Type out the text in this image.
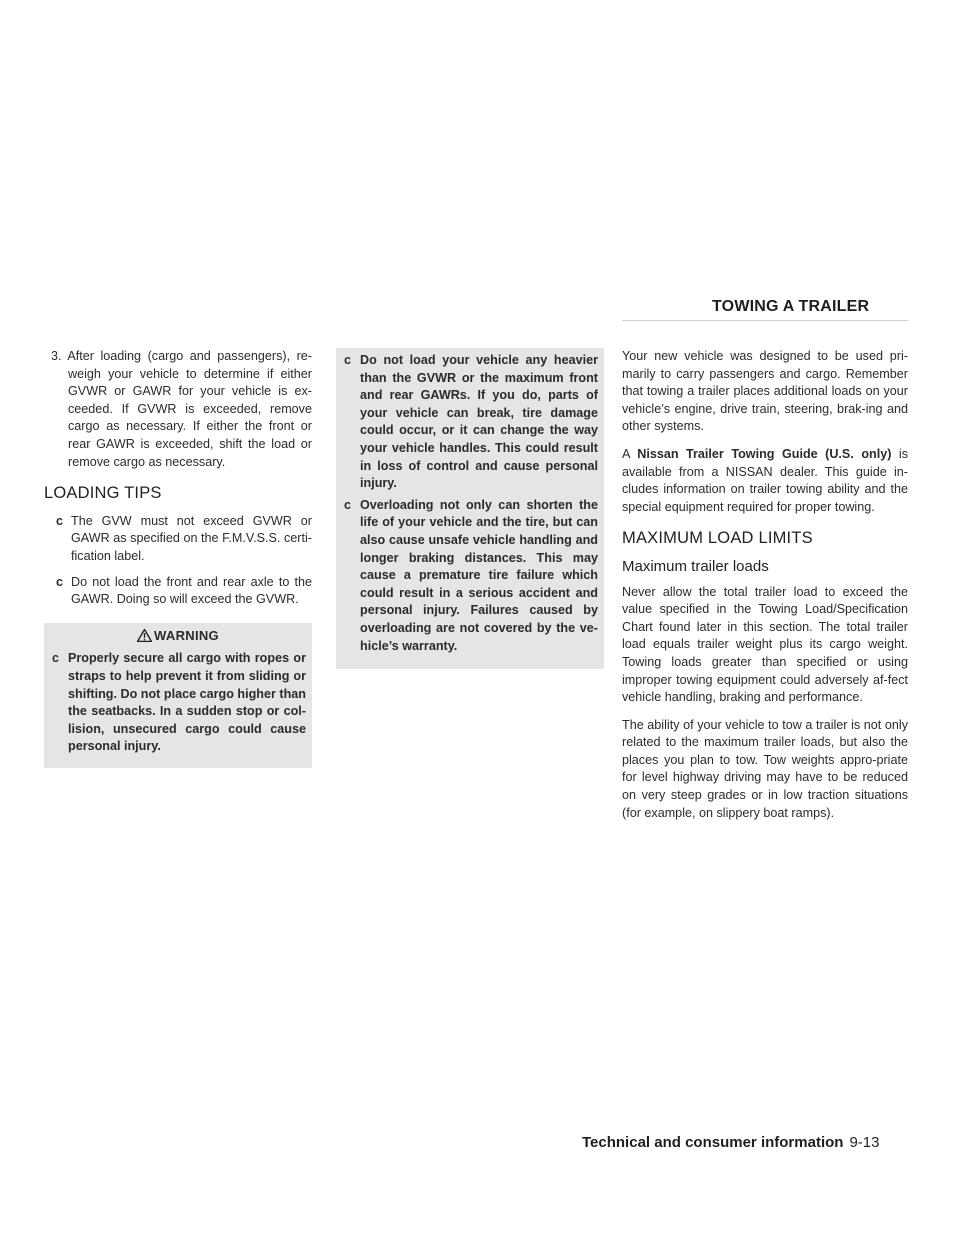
TOWING A TRAILER

3. After loading (cargo and passengers), re-weigh your vehicle to determine if either GVWR or GAWR for your vehicle is ex-ceeded. If GVWR is exceeded, remove cargo as necessary. If either the front or rear GAWR is exceeded, shift the load or remove cargo as necessary.

LOADING TIPS
c The GVW must not exceed GVWR or GAWR as specified on the F.M.V.S.S. certi-fication label.
c Do not load the front and rear axle to the GAWR. Doing so will exceed the GVWR.
WARNING
c Properly secure all cargo with ropes or straps to help prevent it from sliding or shifting. Do not place cargo higher than the seatbacks. In a sudden stop or col-lision, unsecured cargo could cause personal injury.
c Do not load your vehicle any heavier than the GVWR or the maximum front and rear GAWRs. If you do, parts of your vehicle can break, tire damage could occur, or it can change the way your vehicle handles. This could result in loss of control and cause personal injury.
c Overloading not only can shorten the life of your vehicle and the tire, but can also cause unsafe vehicle handling and longer braking distances. This may cause a premature tire failure which could result in a serious accident and personal injury. Failures caused by overloading are not covered by the ve-hicle’s warranty.

Your new vehicle was designed to be used pri-marily to carry passengers and cargo. Remember that towing a trailer places additional loads on your vehicle’s engine, drive train, steering, brak-ing and other systems.

A Nissan Trailer Towing Guide (U.S. only) is available from a NISSAN dealer. This guide in-cludes information on trailer towing ability and the special equipment required for proper towing.

MAXIMUM LOAD LIMITS
Maximum trailer loads

Never allow the total trailer load to exceed the value specified in the Towing Load/Specification Chart found later in this section. The total trailer load equals trailer weight plus its cargo weight. Towing loads greater than specified or using improper towing equipment could adversely af-fect vehicle handling, braking and performance.

The ability of your vehicle to tow a trailer is not only related to the maximum trailer loads, but also the places you plan to tow. Tow weights appro-priate for level highway driving may have to be reduced on very steep grades or in low traction situations (for example, on slippery boat ramps).

Technical and consumer information 9-13
